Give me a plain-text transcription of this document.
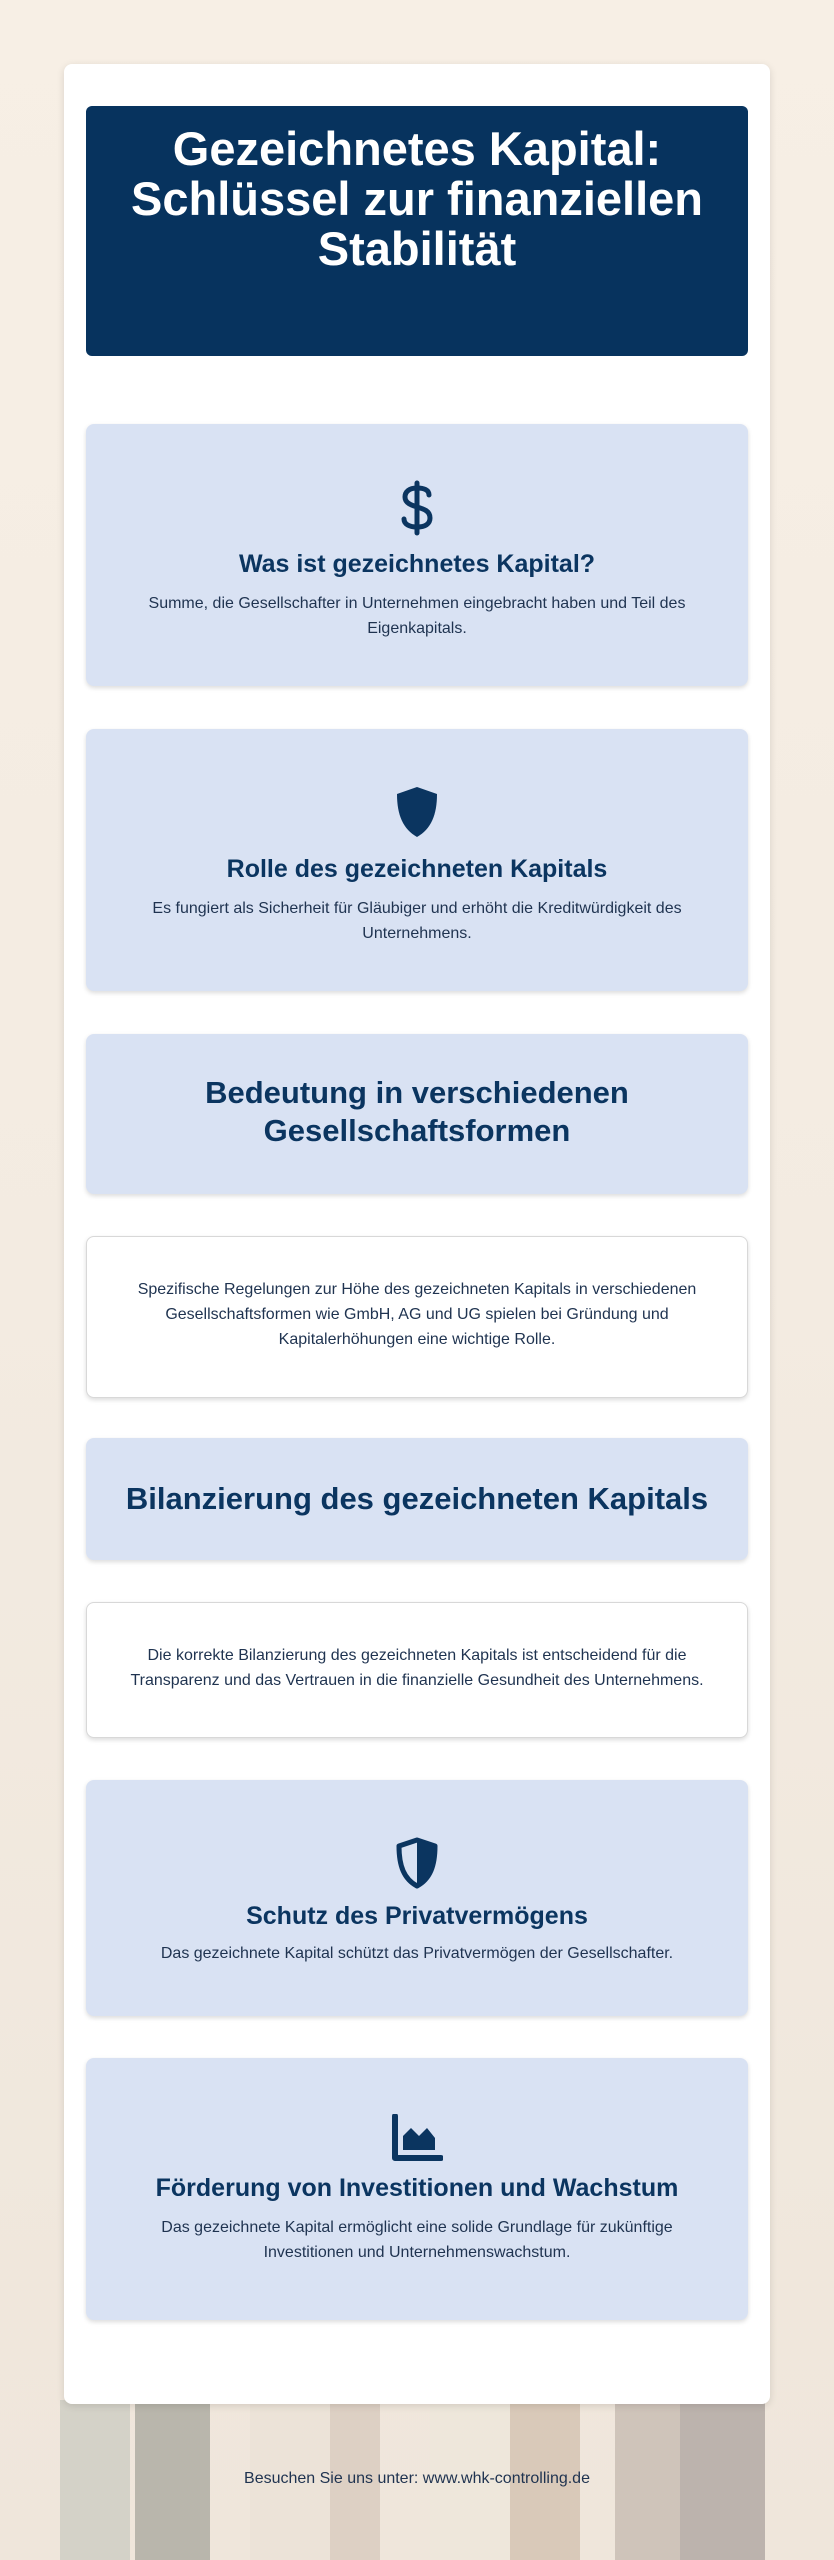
Gezeichnetes Kapital: Schlüssel zur finanziellen Stabilität
Was ist gezeichnetes Kapital?

Summe, die Gesellschafter in Unternehmen eingebracht haben und Teil des Eigenkapitals.

Rolle des gezeichneten Kapitals

Es fungiert als Sicherheit für Gläubiger und erhöht die Kreditwürdigkeit des Unternehmens.

Bedeutung in verschiedenen Gesellschaftsformen

Spezifische Regelungen zur Höhe des gezeichneten Kapitals in verschiedenen Gesellschaftsformen wie GmbH, AG und UG spielen bei Gründung und Kapitalerhöhungen eine wichtige Rolle.

Bilanzierung des gezeichneten Kapitals

Die korrekte Bilanzierung des gezeichneten Kapitals ist entscheidend für die Transparenz und das Vertrauen in die finanzielle Gesundheit des Unternehmens.

Schutz des Privatvermögens

Das gezeichnete Kapital schützt das Privatvermögen der Gesellschafter.

Förderung von Investitionen und Wachstum

Das gezeichnete Kapital ermöglicht eine solide Grundlage für zukünftige Investitionen und Unternehmenswachstum.

Besuchen Sie uns unter: www.whk-controlling.de
